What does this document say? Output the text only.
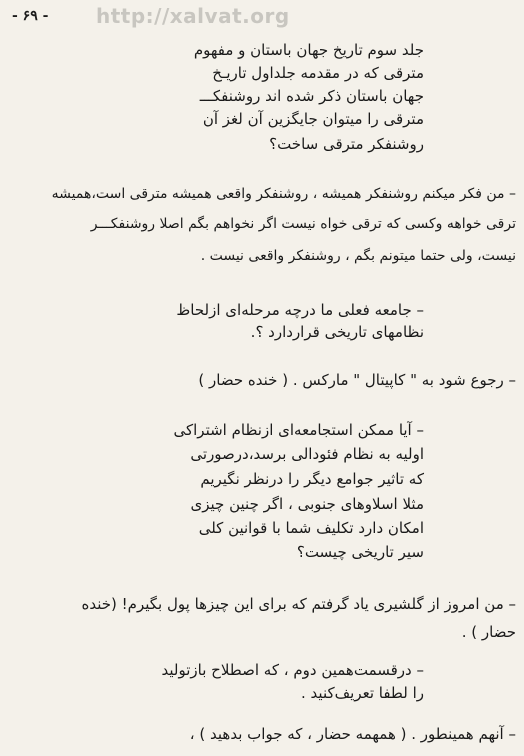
- ۶۹ - http://xalvat.org
جلد سوم تاریخ جهان باستان و مفهوم
مترقی که در مقدمه جلداول تاریـخ
جهان باستان ذکر شده اند روشنفکـــ
مترقی را میتوان جایگزین آن لغز آن
روشنفکر مترقی ساخت؟
– من فکر میکنم روشنفکر همیشه ، روشنفکر واقعی همیشه مترقی است،همیشه
ترقی خواهه وکسی که ترقی خواه نیست اگر نخواهم بگم اصلا روشنفکـــر
نیست، ولی حتما میتونم بگم ، روشنفکر واقعی نیست .
– جامعه فعلی ما درچه مرحله‌ای ازلحاظ
نظامهای تاریخی قراردارد ؟.
– رجوع شود به " کاپیتال " مارکس . ( خنده حضار )
– آیا ممکن استجامعه‌ای ازنظام اشتراکی
اولیه به نظام فئودالی برسد،درصورتی
که تاثیر جوامع دیگر را درنظر نگیریم
مثلا اسلاوهای جنوبی ، اگر چنین چیزی
امکان دارد تکلیف شما با قوانین کلی
سیر تاریخی چیست؟
– من امروز از گلشیری یاد گرفتم که برای این چیزها پول بگیرم! (خنده
حضار ) .
– درقسمت‌همین دوم ، که اصطلاح بازتولید
را لطفا تعریف‌کنید .
– آنهم همینطور . ( همهمه حضار ، که جواب بدهید ) ،
